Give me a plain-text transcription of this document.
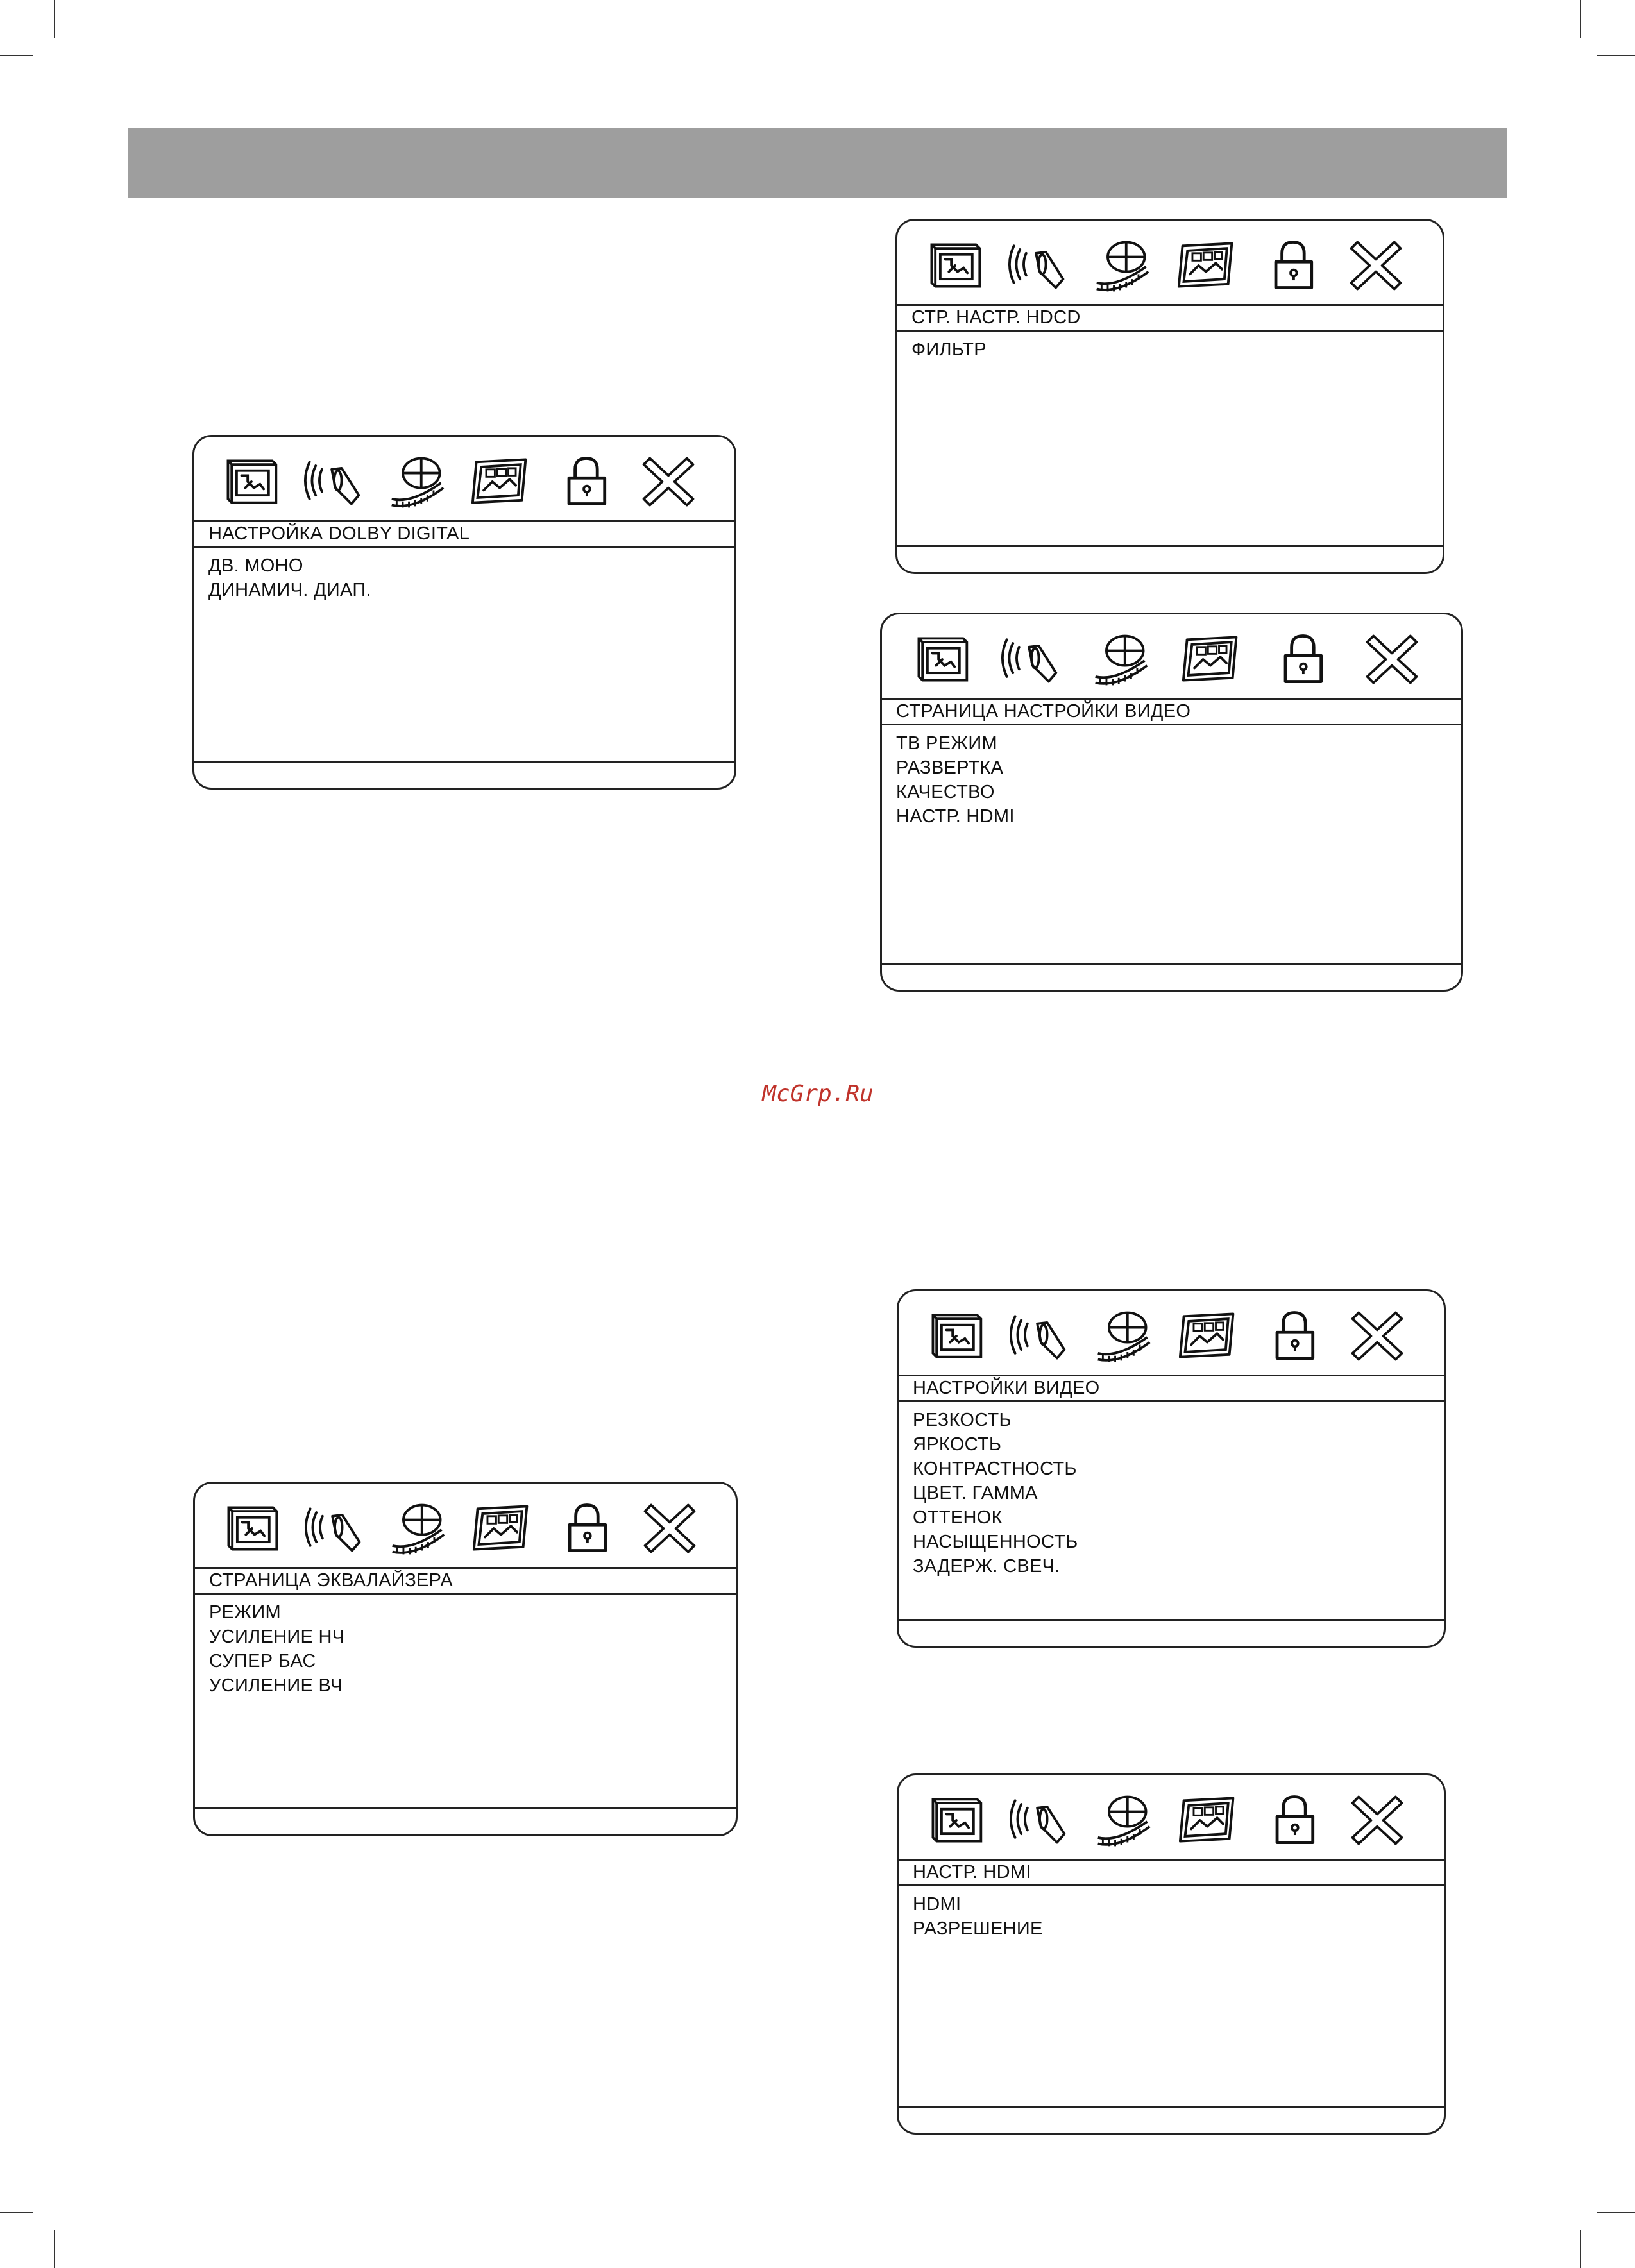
McGrp.Ru
НАСТРОЙКА DOLBY DIGITAL
ДВ. МОНО
ДИНАМИЧ. ДИАП.
СТР. НАСТР. HDCD
ФИЛЬТР
СТРАНИЦА НАСТРОЙКИ ВИДЕО
ТВ РЕЖИМ
РАЗВЕРТКА
КАЧЕСТВО
НАСТР. HDMI
СТРАНИЦА ЭКВАЛАЙЗЕРА
РЕЖИМ
УСИЛЕНИЕ НЧ
СУПЕР БАС
УСИЛЕНИЕ ВЧ
НАСТРОЙКИ ВИДЕО
РЕЗКОСТЬ
ЯРКОСТЬ
КОНТРАСТНОСТЬ
ЦВЕТ. ГАММА
ОТТЕНОК
НАСЫЩЕННОСТЬ
ЗАДЕРЖ. СВЕЧ.
НАСТР. HDMI
HDMI
РАЗРЕШЕНИЕ
